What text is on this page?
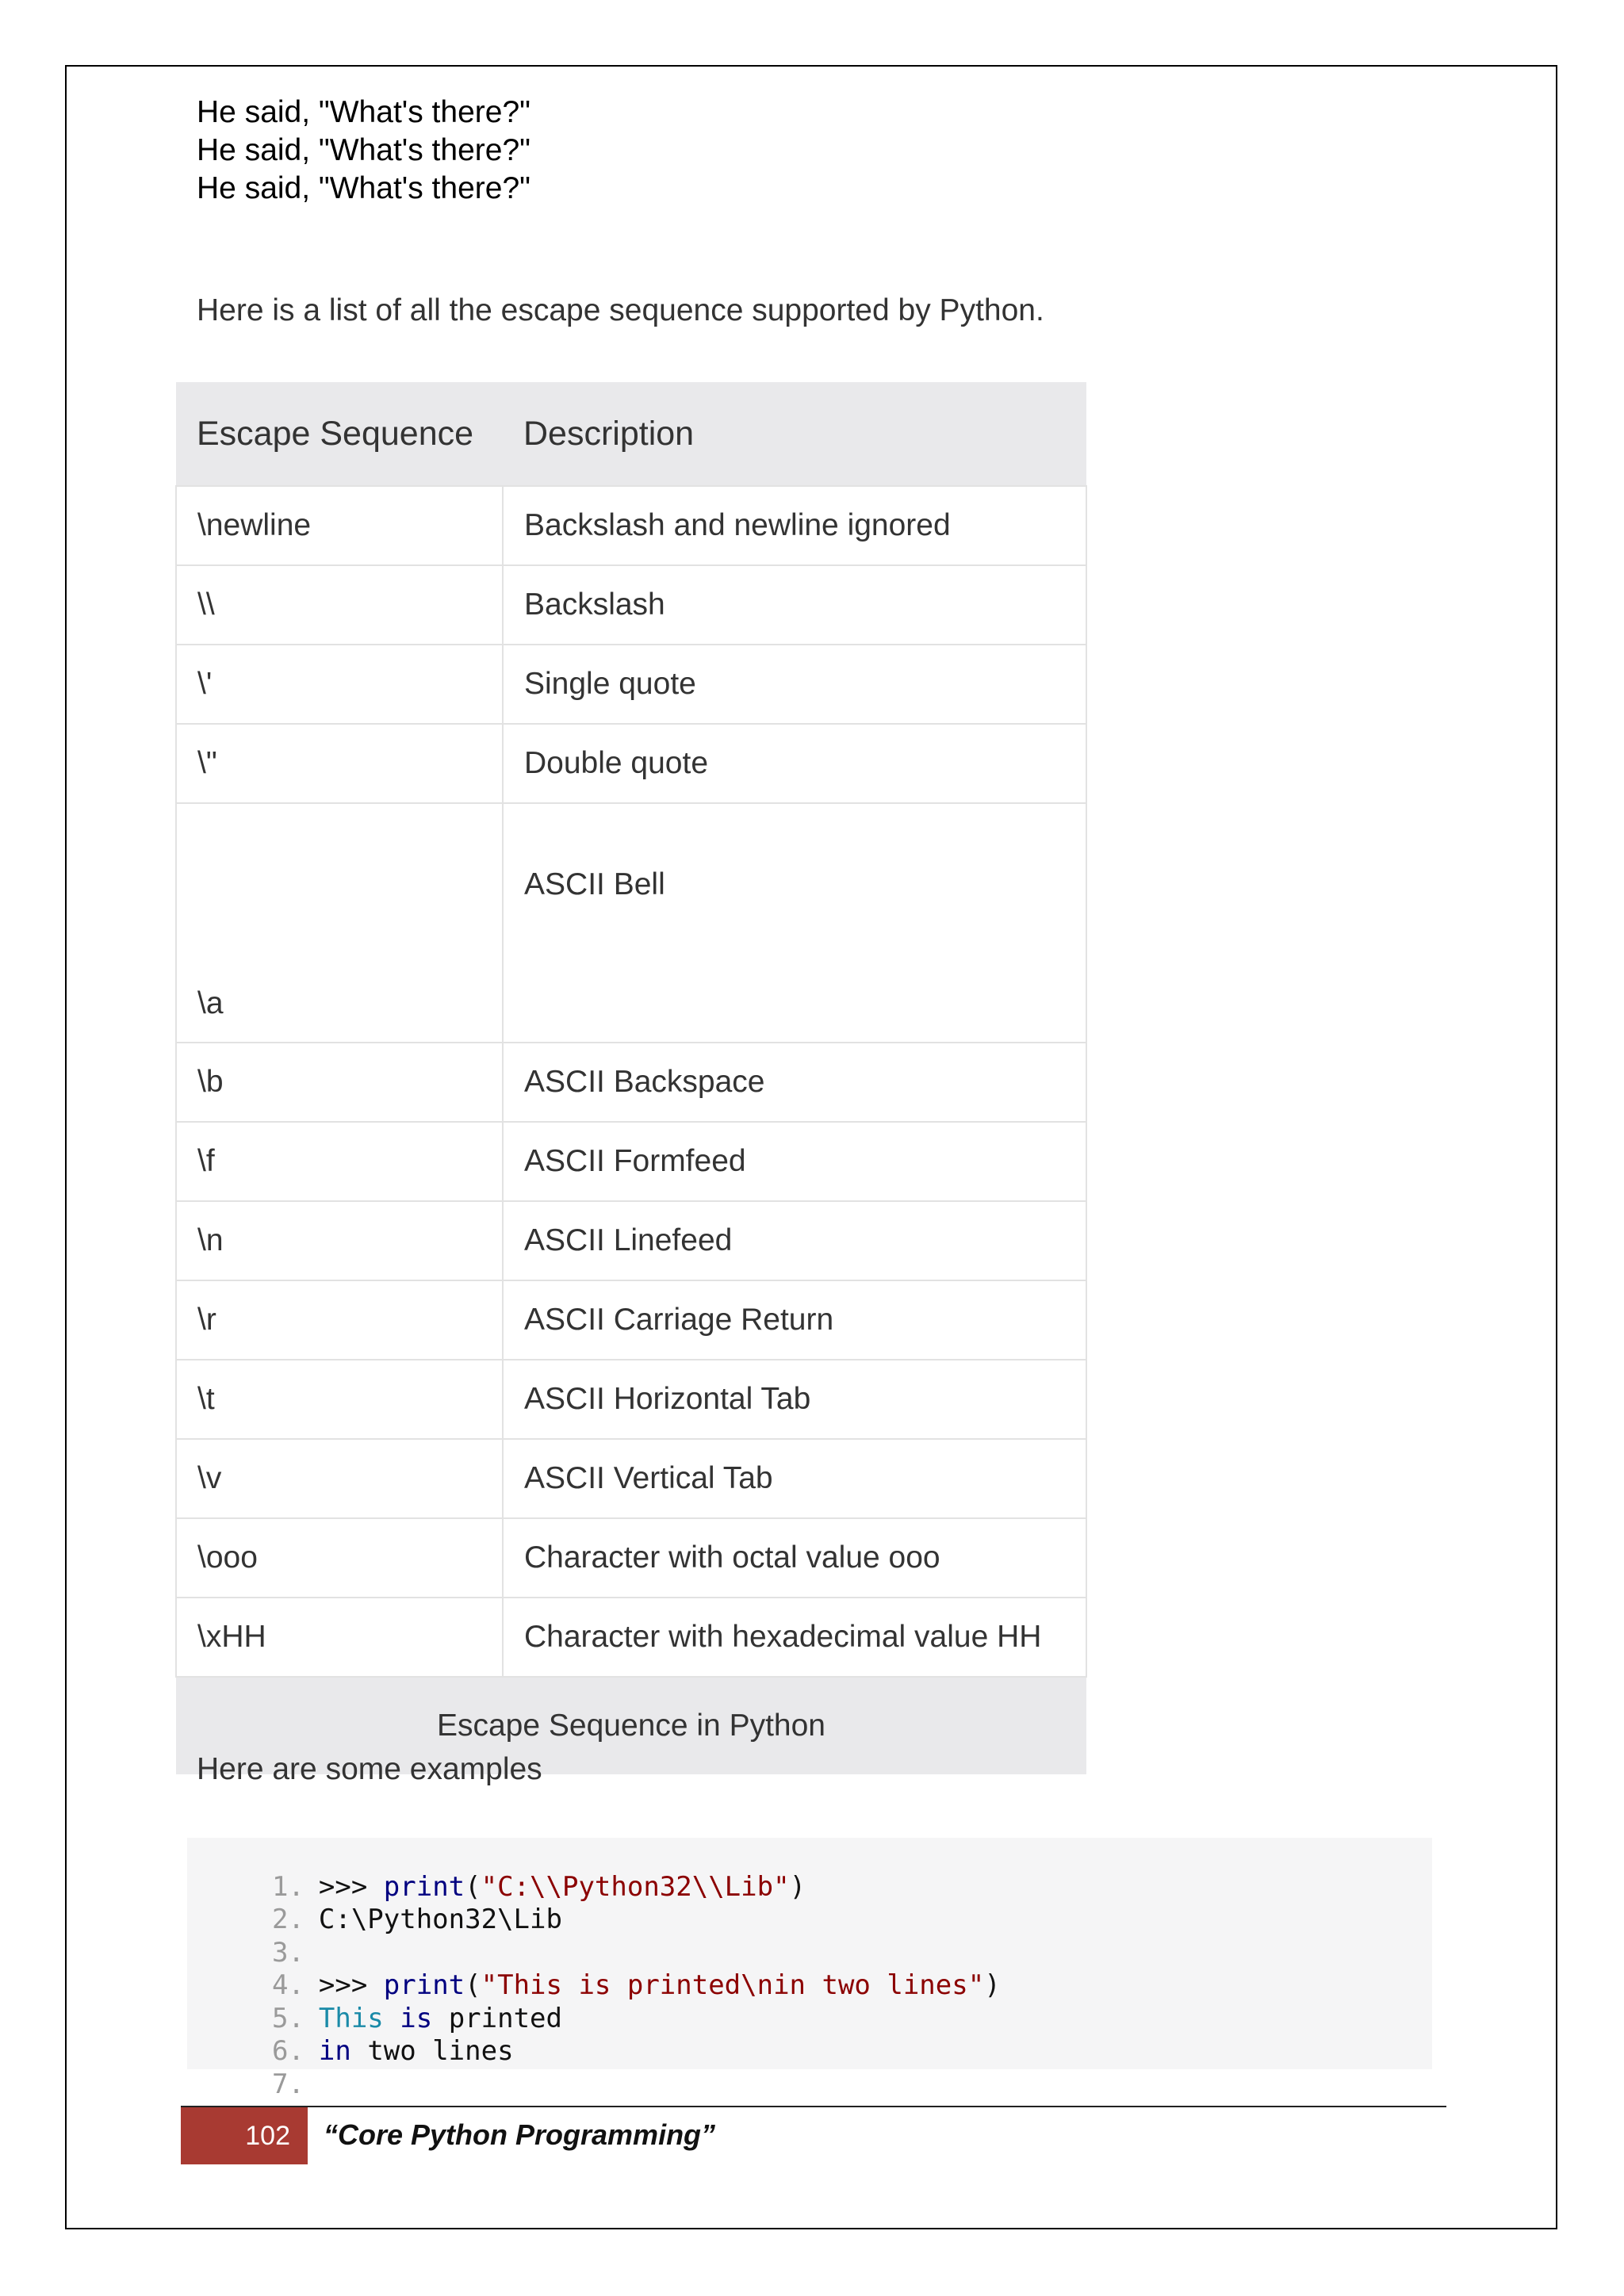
He said, "What's there?"
He said, "What's there?"
He said, "What's there?"
Here is a list of all the escape sequence supported by Python.
Escape Sequence	Description
\newline	Backslash and newline ignored
\\	Backslash
\'	Single quote
\"	Double quote
\a	ASCII Bell
\b	ASCII Backspace
\f	ASCII Formfeed
\n	ASCII Linefeed
\r	ASCII Carriage Return
\t	ASCII Horizontal Tab
\v	ASCII Vertical Tab
\ooo	Character with octal value ooo
\xHH	Character with hexadecimal value HH
Escape Sequence in Python	
Here are some examples

1. >>> print("C:\\Python32\\Lib")

2. C:\Python32\Lib

3.

4. >>> print("This is printed\nin two lines")

5. This is printed

6. in two lines

7.

102	“Core Python Programming”
